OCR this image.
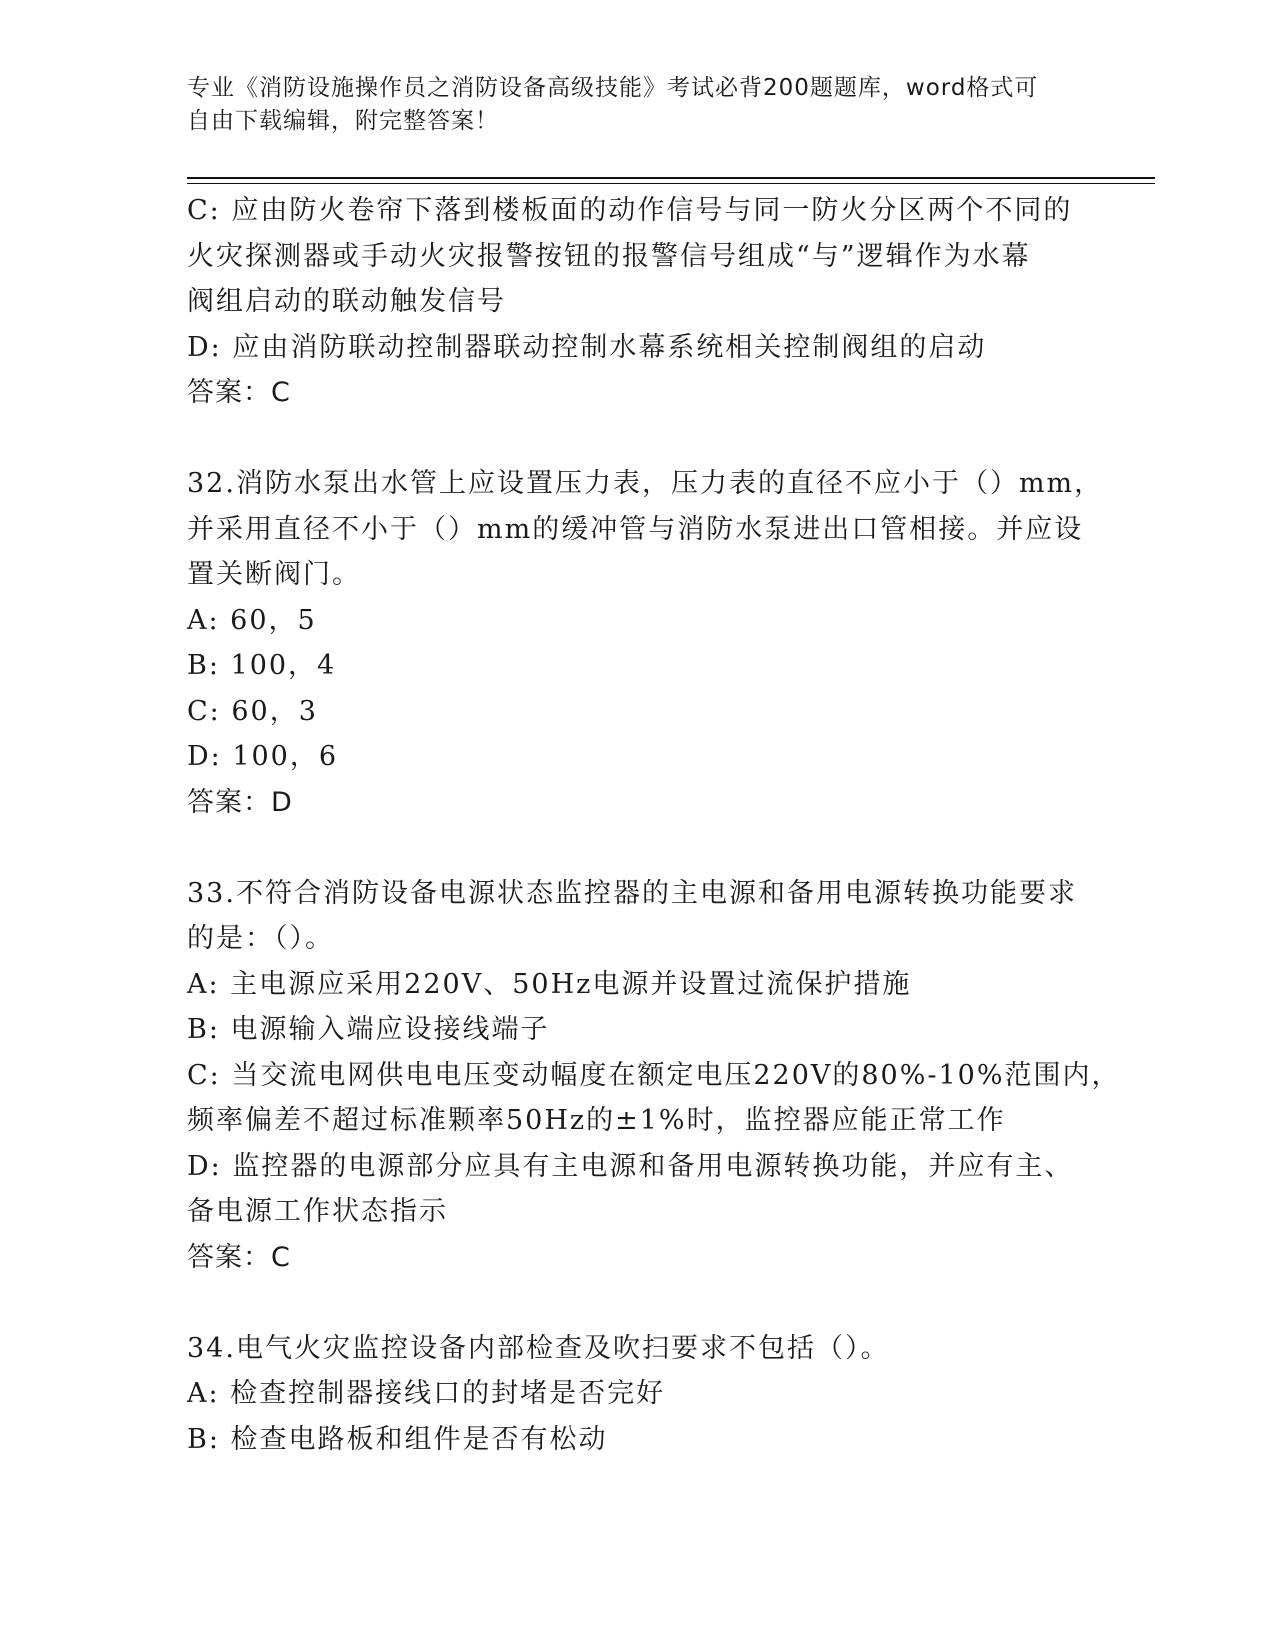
专业《消防设施操作员之消防设备高级技能》考试必背200题题库，word格式可
自由下载编辑，附完整答案！
C: 应由防火卷帘下落到楼板面的动作信号与同一防火分区两个不同的
火灾探测器或手动火灾报警按钮的报警信号组成“与”逻辑作为水幕
阀组启动的联动触发信号
D: 应由消防联动控制器联动控制水幕系统相关控制阀组的启动
答案：C
32.消防水泵出水管上应设置压力表，压力表的直径不应小于（）mm，
并采用直径不小于（）mm的缓冲管与消防水泵进出口管相接。并应设
置关断阀门。
A: 60，5
B: 100，4
C: 60，3
D: 100，6
答案：D
33.不符合消防设备电源状态监控器的主电源和备用电源转换功能要求
的是：（）。
A: 主电源应采用220V、50Hz电源并设置过流保护措施
B: 电源输入端应设接线端子
C: 当交流电网供电电压变动幅度在额定电压220V的80%-10%范围内，
频率偏差不超过标准颗率50Hz的±1%时，监控器应能正常工作
D: 监控器的电源部分应具有主电源和备用电源转换功能，并应有主、
备电源工作状态指示
答案：C
34.电气火灾监控设备内部检查及吹扫要求不包括（）。
A: 检查控制器接线口的封堵是否完好
B: 检查电路板和组件是否有松动
